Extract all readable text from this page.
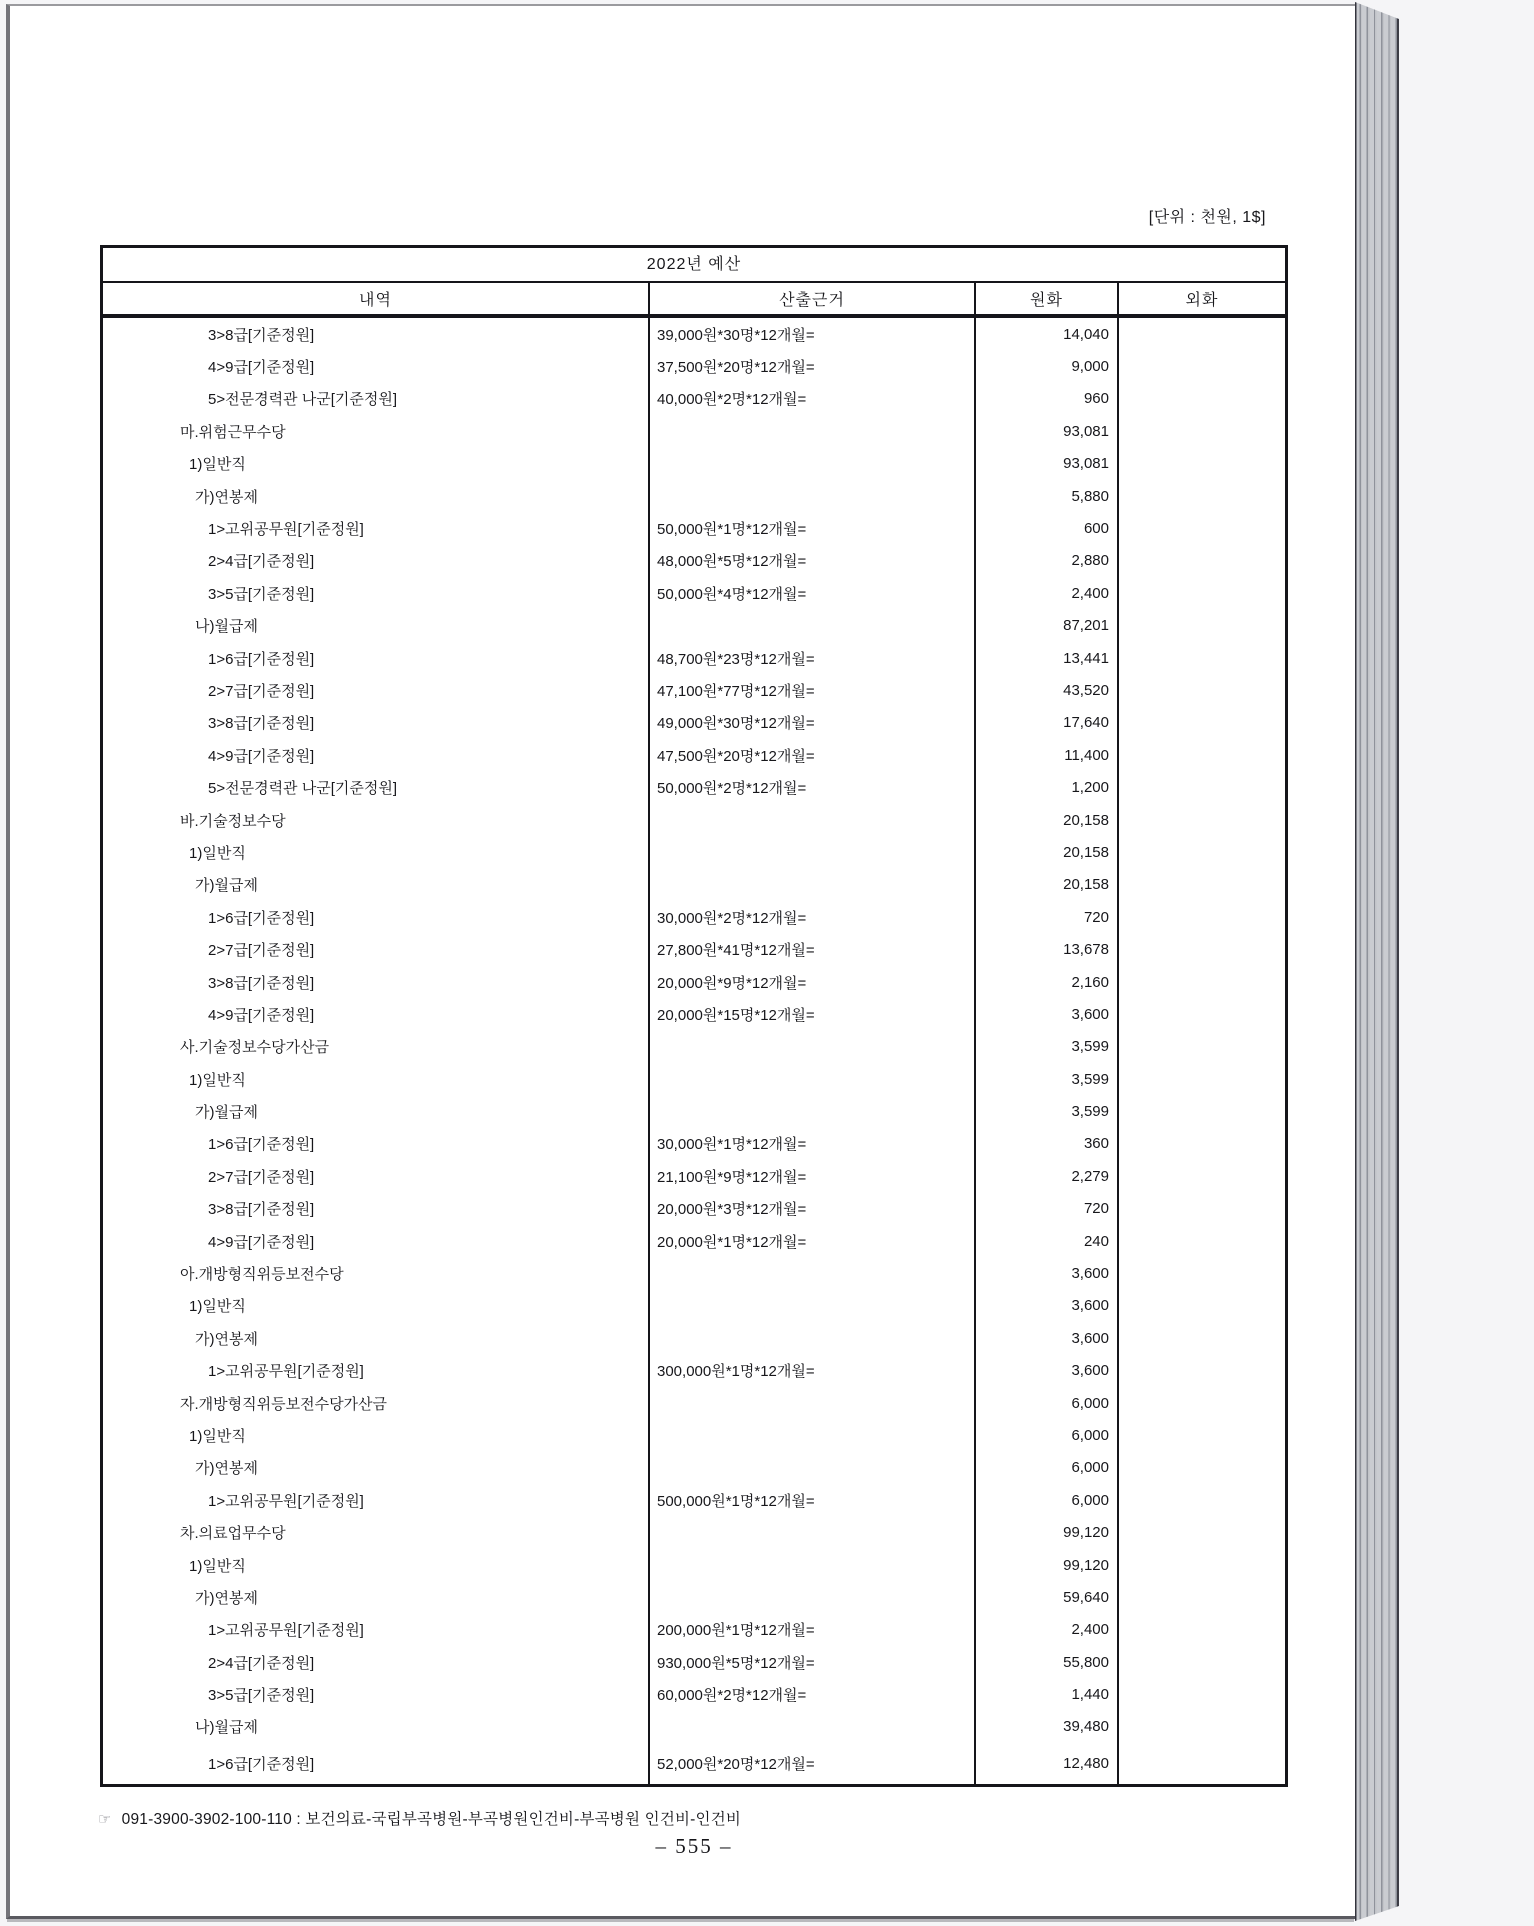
[단위 : 천원, 1$]
2022년 예산
내역	산출근거	원화	외화
3>8급[기준정원]	39,000원*30명*12개월=	14,040
4>9급[기준정원]	37,500원*20명*12개월=	9,000
5>전문경력관 나군[기준정원]	40,000원*2명*12개월=	960
마.위험근무수당	93,081
1)일반직	93,081
가)연봉제	5,880
1>고위공무원[기준정원]	50,000원*1명*12개월=	600
2>4급[기준정원]	48,000원*5명*12개월=	2,880
3>5급[기준정원]	50,000원*4명*12개월=	2,400
나)월급제	87,201
1>6급[기준정원]	48,700원*23명*12개월=	13,441
2>7급[기준정원]	47,100원*77명*12개월=	43,520
3>8급[기준정원]	49,000원*30명*12개월=	17,640
4>9급[기준정원]	47,500원*20명*12개월=	11,400
5>전문경력관 나군[기준정원]	50,000원*2명*12개월=	1,200
바.기술정보수당	20,158
1)일반직	20,158
가)월급제	20,158
1>6급[기준정원]	30,000원*2명*12개월=	720
2>7급[기준정원]	27,800원*41명*12개월=	13,678
3>8급[기준정원]	20,000원*9명*12개월=	2,160
4>9급[기준정원]	20,000원*15명*12개월=	3,600
사.기술정보수당가산금	3,599
1)일반직	3,599
가)월급제	3,599
1>6급[기준정원]	30,000원*1명*12개월=	360
2>7급[기준정원]	21,100원*9명*12개월=	2,279
3>8급[기준정원]	20,000원*3명*12개월=	720
4>9급[기준정원]	20,000원*1명*12개월=	240
아.개방형직위등보전수당	3,600
1)일반직	3,600
가)연봉제	3,600
1>고위공무원[기준정원]	300,000원*1명*12개월=	3,600
자.개방형직위등보전수당가산금	6,000
1)일반직	6,000
가)연봉제	6,000
1>고위공무원[기준정원]	500,000원*1명*12개월=	6,000
차.의료업무수당	99,120
1)일반직	99,120
가)연봉제	59,640
1>고위공무원[기준정원]	200,000원*1명*12개월=	2,400
2>4급[기준정원]	930,000원*5명*12개월=	55,800
3>5급[기준정원]	60,000원*2명*12개월=	1,440
나)월급제	39,480
1>6급[기준정원]	52,000원*20명*12개월=	12,480
☞ 091-3900-3902-100-110 : 보건의료-국립부곡병원-부곡병원인건비-부곡병원 인건비-인건비
– 555 –
